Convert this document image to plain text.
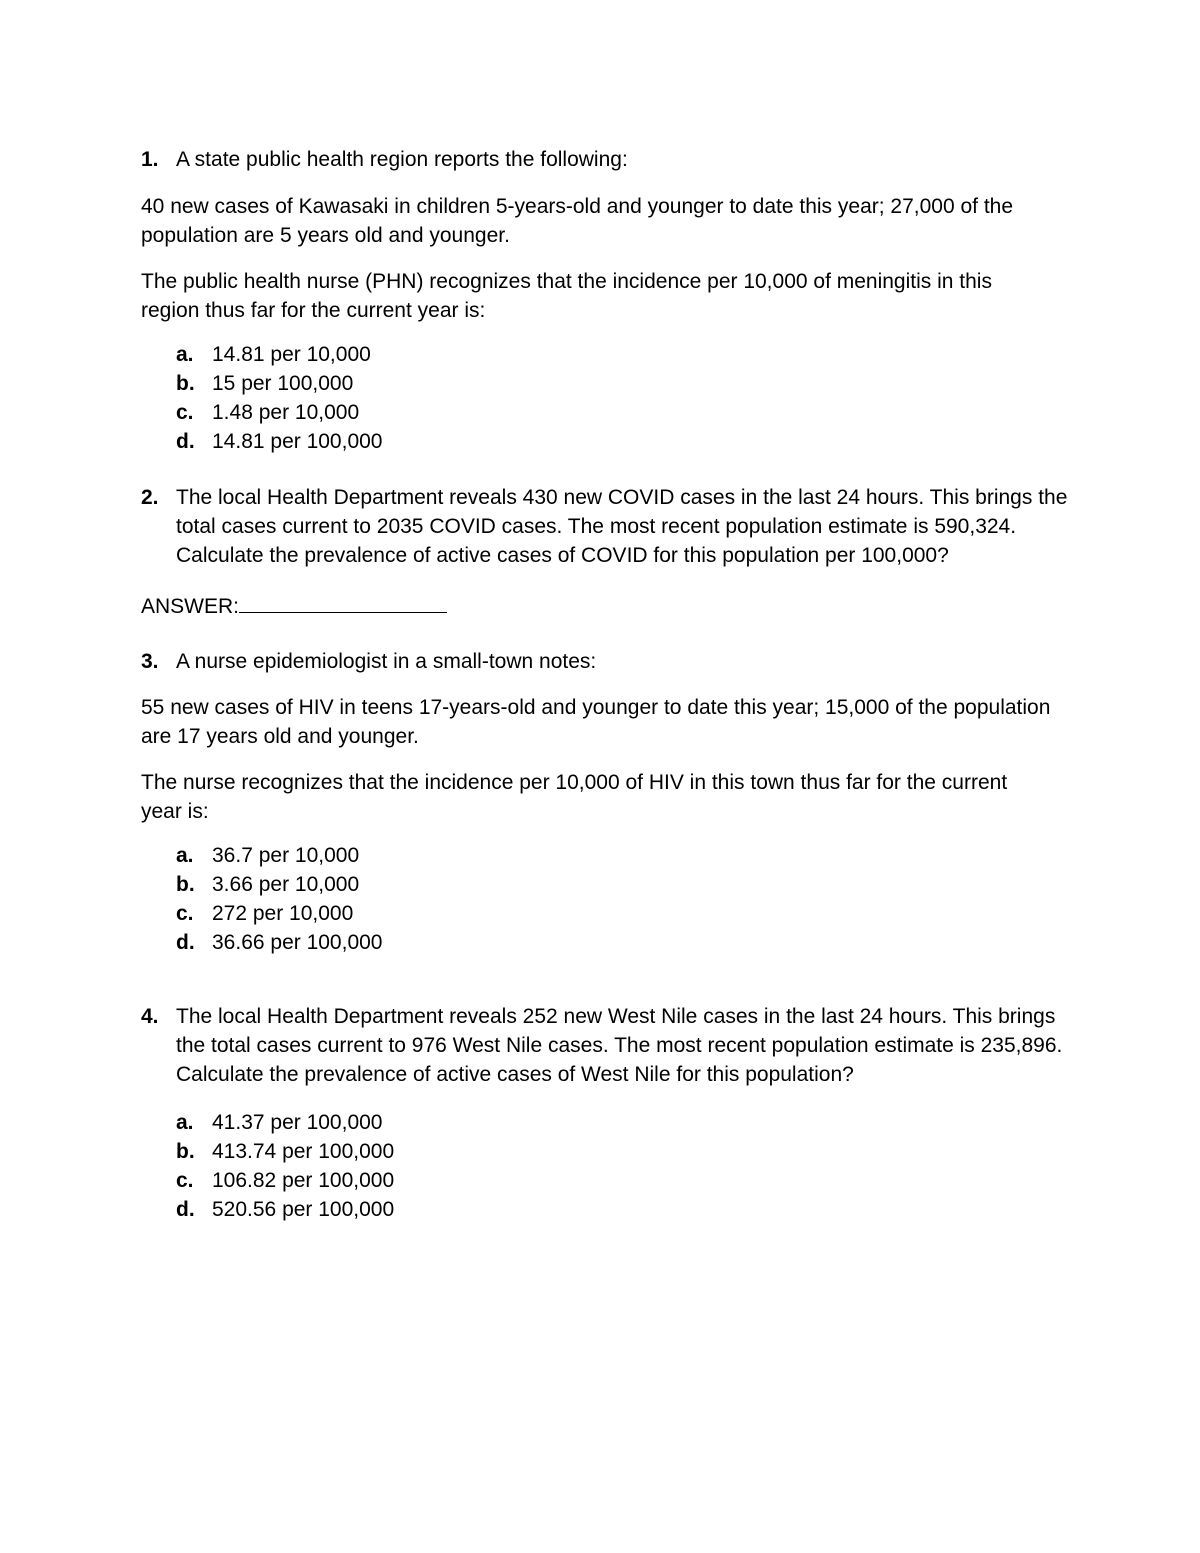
1. A state public health region reports the following:
40 new cases of Kawasaki in children 5-years-old and younger to date this year; 27,000 of the population are 5 years old and younger.
The public health nurse (PHN) recognizes that the incidence per 10,000 of meningitis in this region thus far for the current year is:
a. 14.81 per 10,000
b. 15 per 100,000
c. 1.48 per 10,000
d. 14.81 per 100,000
2. The local Health Department reveals 430 new COVID cases in the last 24 hours. This brings the total cases current to 2035 COVID cases. The most recent population estimate is 590,324. Calculate the prevalence of active cases of COVID for this population per 100,000?
ANSWER:
3. A nurse epidemiologist in a small-town notes:
55 new cases of HIV in teens 17-years-old and younger to date this year; 15,000 of the population are 17 years old and younger.
The nurse recognizes that the incidence per 10,000 of HIV in this town thus far for the current year is:
a. 36.7 per 10,000
b. 3.66 per 10,000
c. 272 per 10,000
d. 36.66 per 100,000
4. The local Health Department reveals 252 new West Nile cases in the last 24 hours. This brings the total cases current to 976 West Nile cases. The most recent population estimate is 235,896. Calculate the prevalence of active cases of West Nile for this population?
a. 41.37 per 100,000
b. 413.74 per 100,000
c. 106.82 per 100,000
d. 520.56 per 100,000
